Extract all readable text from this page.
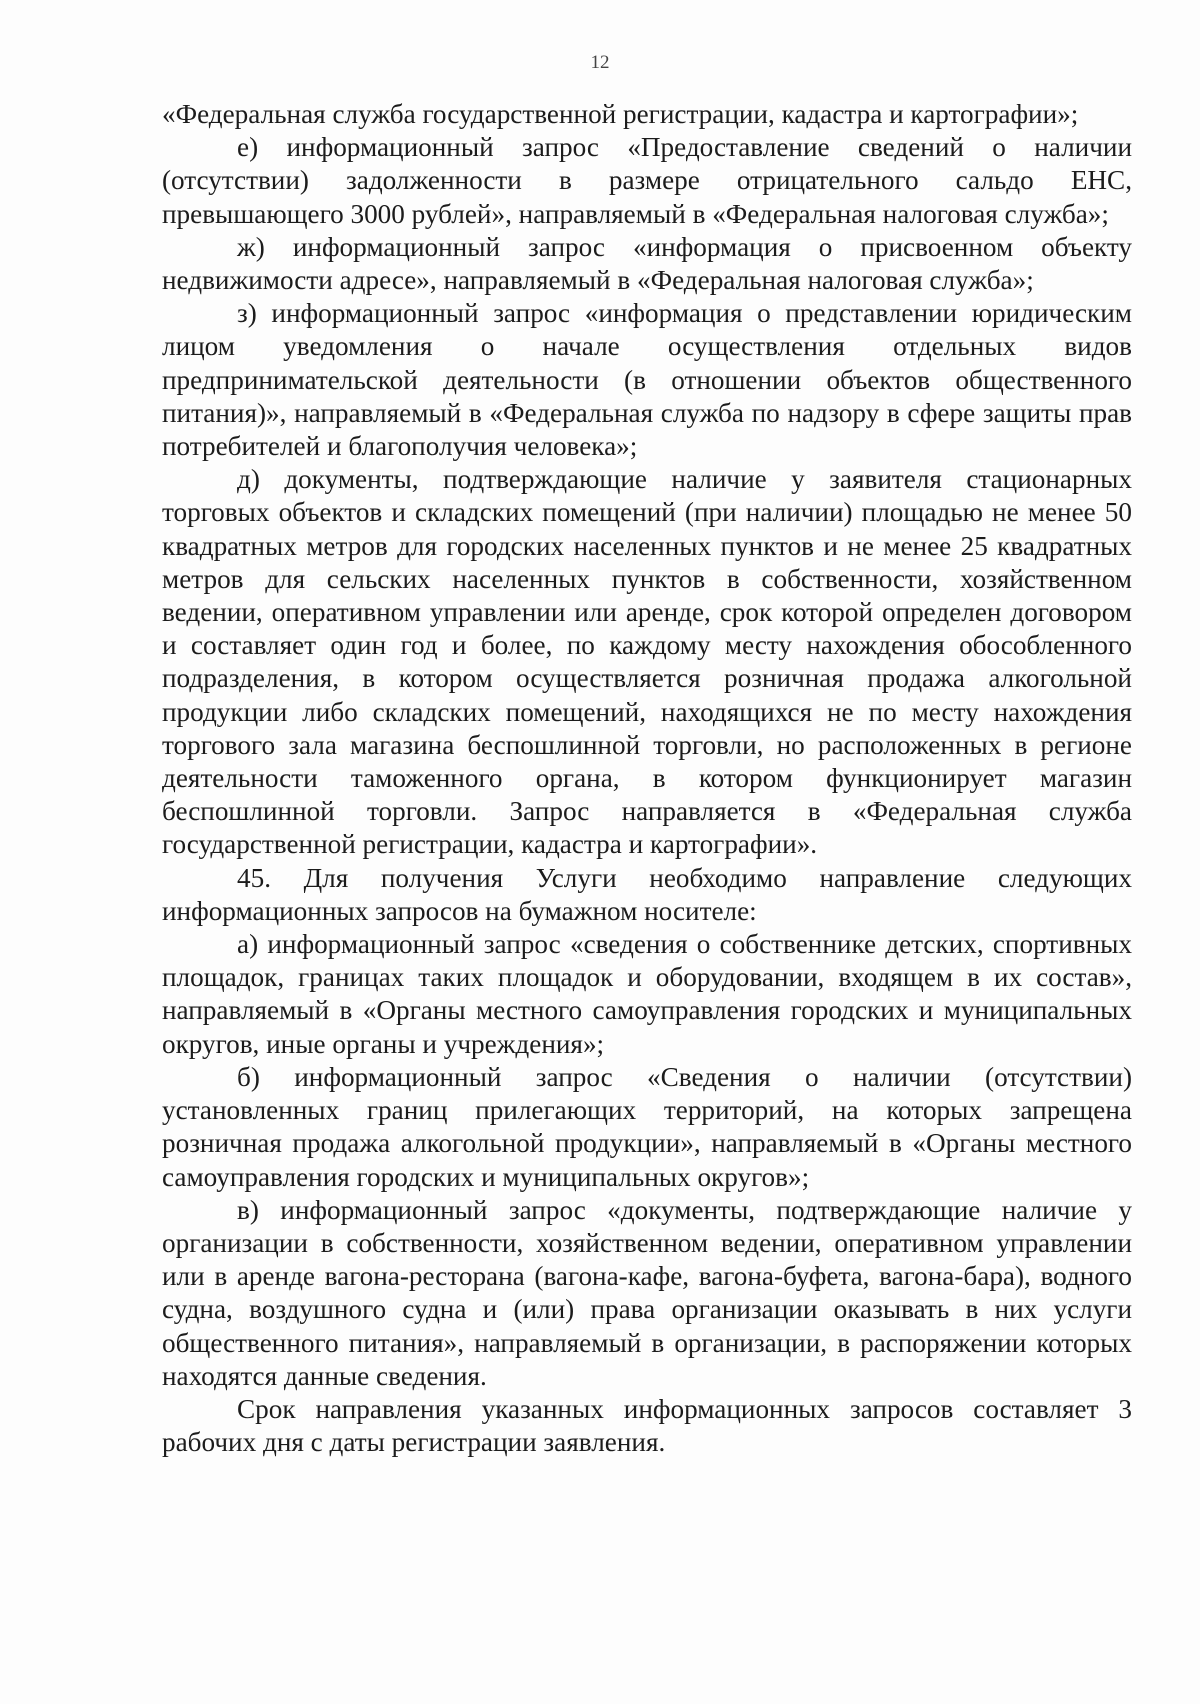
12

«Федеральная служба государственной регистрации, кадастра и картографии»;

е) информационный запрос «Предоставление сведений о наличии (отсутствии) задолженности в размере отрицательного сальдо ЕНС, превышающего 3000 рублей», направляемый в «Федеральная налоговая служба»;

ж) информационный запрос «информация о присвоенном объекту недвижимости адресе», направляемый в «Федеральная налоговая служба»;

з) информационный запрос «информация о представлении юридическим лицом уведомления о начале осуществления отдельных видов предпринимательской деятельности (в отношении объектов общественного питания)», направляемый в «Федеральная служба по надзору в сфере защиты прав потребителей и благополучия человека»;

д) документы, подтверждающие наличие у заявителя стационарных торговых объектов и складских помещений (при наличии) площадью не менее 50 квадратных метров для городских населенных пунктов и не менее 25 квадратных метров для сельских населенных пунктов в собственности, хозяйственном ведении, оперативном управлении или аренде, срок которой определен договором и составляет один год и более, по каждому месту нахождения обособленного подразделения, в котором осуществляется розничная продажа алкогольной продукции либо складских помещений, находящихся не по месту нахождения торгового зала магазина беспошлинной торговли, но расположенных в регионе деятельности таможенного органа, в котором функционирует магазин беспошлинной торговли. Запрос направляется в «Федеральная служба государственной регистрации, кадастра и картографии».

45. Для получения Услуги необходимо направление следующих информационных запросов на бумажном носителе:

а) информационный запрос «сведения о собственнике детских, спортивных площадок, границах таких площадок и оборудовании, входящем в их состав», направляемый в «Органы местного самоуправления городских и муниципальных округов, иные органы и учреждения»;

б) информационный запрос «Сведения о наличии (отсутствии) установленных границ прилегающих территорий, на которых запрещена розничная продажа алкогольной продукции», направляемый в «Органы местного самоуправления городских и муниципальных округов»;

в) информационный запрос «документы, подтверждающие наличие у организации в собственности, хозяйственном ведении, оперативном управлении или в аренде вагона-ресторана (вагона-кафе, вагона-буфета, вагона-бара), водного судна, воздушного судна и (или) права организации оказывать в них услуги общественного питания», направляемый в организации, в распоряжении которых находятся данные сведения.

Срок направления указанных информационных запросов составляет 3 рабочих дня с даты регистрации заявления.
